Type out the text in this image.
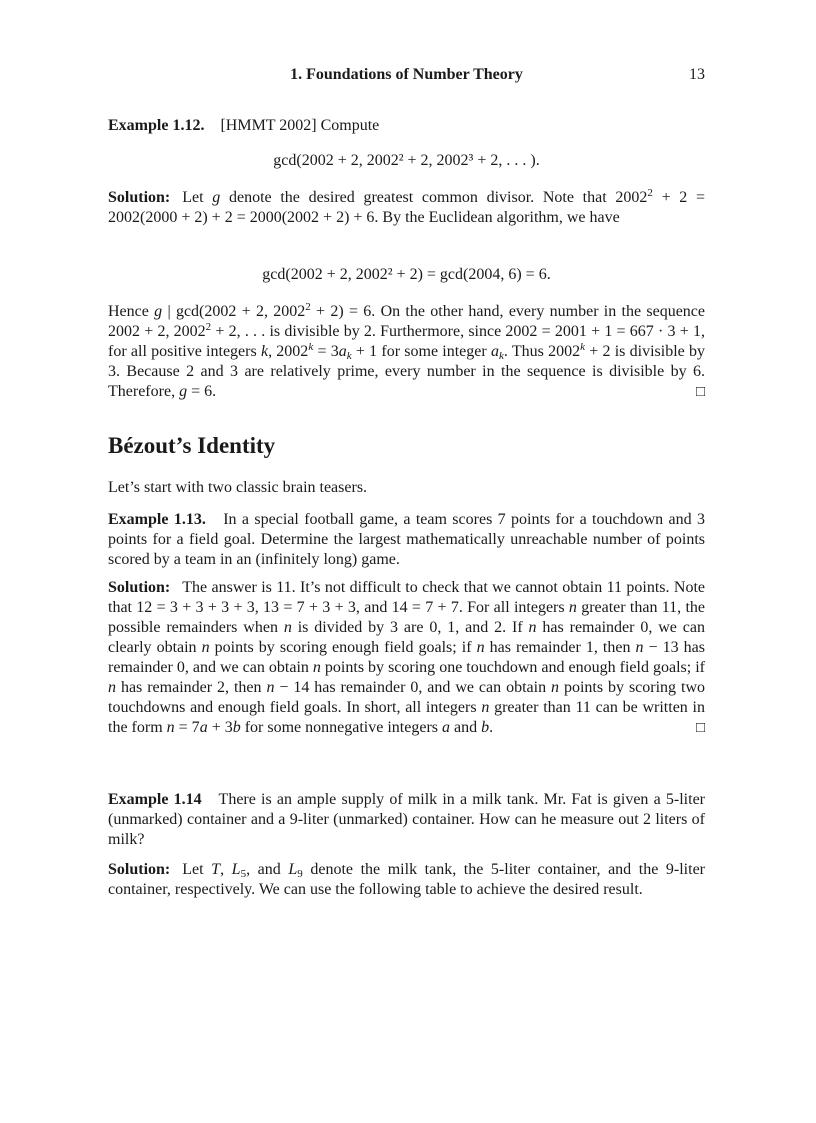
1. Foundations of Number Theory	13
Example 1.12. [HMMT 2002] Compute
gcd(2002 + 2, 2002² + 2, 2002³ + 2, . . . ).
Solution: Let g denote the desired greatest common divisor. Note that $2002^2 + 2 = 2002(2000 + 2) + 2 = 2000(2002 + 2) + 6$. By the Euclidean algorithm, we have
gcd(2002 + 2, 2002² + 2) = gcd(2004, 6) = 6.
Hence g | gcd(2002 + 2, $2002^2 + 2) = 6$. On the other hand, every number in the sequence 2002 + 2, $2002^2 + 2$, . . . is divisible by 2. Furthermore, since 2002 = 2001 + 1 = 667 · 3 + 1, for all positive integers k, $2002^k = 3a_k + 1$ for some integer $a_k$. Thus $2002^k + 2$ is divisible by 3. Because 2 and 3 are relatively prime, every number in the sequence is divisible by 6. Therefore, g = 6.	□
Bézout’s Identity
Let’s start with two classic brain teasers.
Example 1.13. In a special football game, a team scores 7 points for a touchdown and 3 points for a field goal. Determine the largest mathematically unreachable number of points scored by a team in an (infinitely long) game.
Solution: The answer is 11. It’s not difficult to check that we cannot obtain 11 points. Note that 12 = 3 + 3 + 3 + 3, 13 = 7 + 3 + 3, and 14 = 7 + 7. For all integers n greater than 11, the possible remainders when n is divided by 3 are 0, 1, and 2. If n has remainder 0, we can clearly obtain n points by scoring enough field goals; if n has remainder 1, then n − 13 has remainder 0, and we can obtain n points by scoring one touchdown and enough field goals; if n has remainder 2, then n − 14 has remainder 0, and we can obtain n points by scoring two touchdowns and enough field goals. In short, all integers n greater than 11 can be written in the form n = 7a + 3b for some nonnegative integers a and b.	□
Example 1.14 There is an ample supply of milk in a milk tank. Mr. Fat is given a 5-liter (unmarked) container and a 9-liter (unmarked) container. How can he measure out 2 liters of milk?
Solution: Let T, $L_5$, and $L_9$ denote the milk tank, the 5-liter container, and the 9-liter container, respectively. We can use the following table to achieve the desired result.
